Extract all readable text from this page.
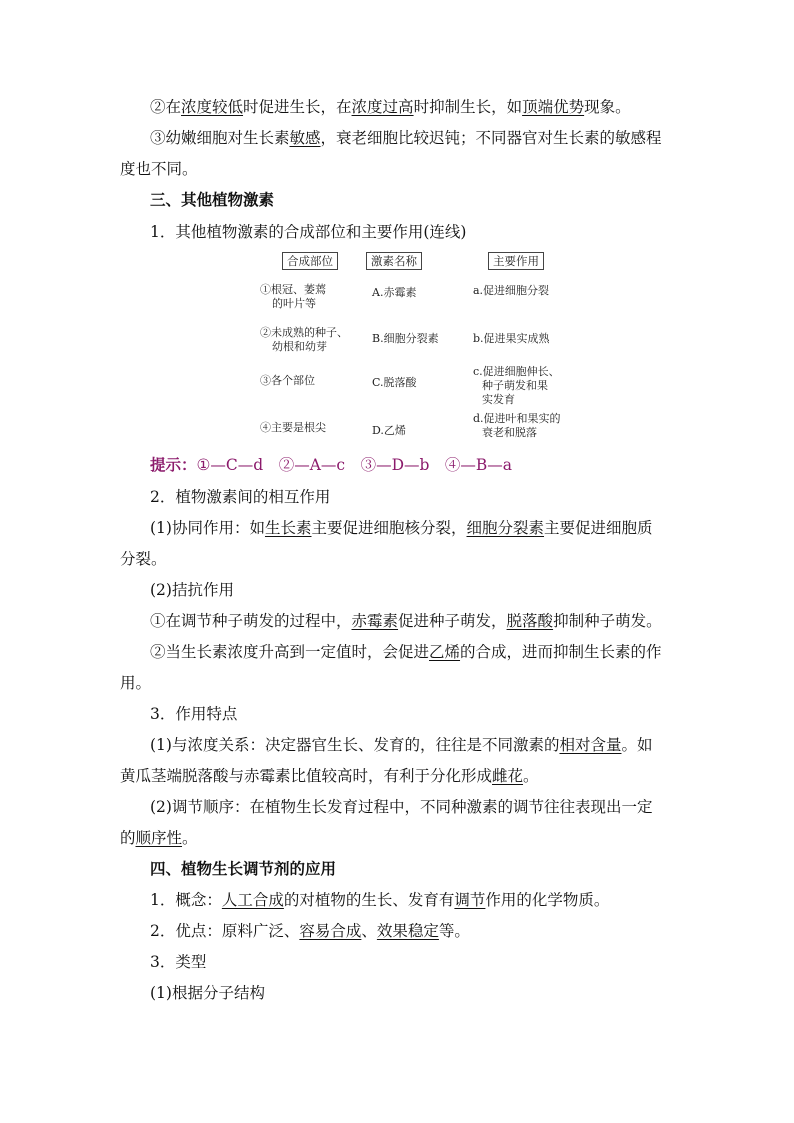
②在浓度较低时促进生长，在浓度过高时抑制生长，如顶端优势现象。
③幼嫩细胞对生长素敏感，衰老细胞比较迟钝；不同器官对生长素的敏感程
度也不同。
三、其他植物激素
1．其他植物激素的合成部位和主要作用(连线)
合成部位	激素名称	主要作用
①根冠、萎蔫
的叶片等
②未成熟的种子、
幼根和幼芽
③各个部位
④主要是根尖
A.赤霉素
B.细胞分裂素
C.脱落酸
D.乙烯
a.促进细胞分裂
b.促进果实成熟
c.促进细胞伸长、
种子萌发和果
实发育
d.促进叶和果实的
衰老和脱落
提示：①—C—d　②—A—c　③—D—b　④—B—a
2．植物激素间的相互作用
(1)协同作用：如生长素主要促进细胞核分裂，细胞分裂素主要促进细胞质
分裂。
(2)拮抗作用
①在调节种子萌发的过程中，赤霉素促进种子萌发，脱落酸抑制种子萌发。
②当生长素浓度升高到一定值时，会促进乙烯的合成，进而抑制生长素的作
用。
3．作用特点
(1)与浓度关系：决定器官生长、发育的，往往是不同激素的相对含量。如
黄瓜茎端脱落酸与赤霉素比值较高时，有利于分化形成雌花。
(2)调节顺序：在植物生长发育过程中，不同种激素的调节往往表现出一定
的顺序性。
四、植物生长调节剂的应用
1．概念：人工合成的对植物的生长、发育有调节作用的化学物质。
2．优点：原料广泛、容易合成、效果稳定等。
3．类型
(1)根据分子结构
